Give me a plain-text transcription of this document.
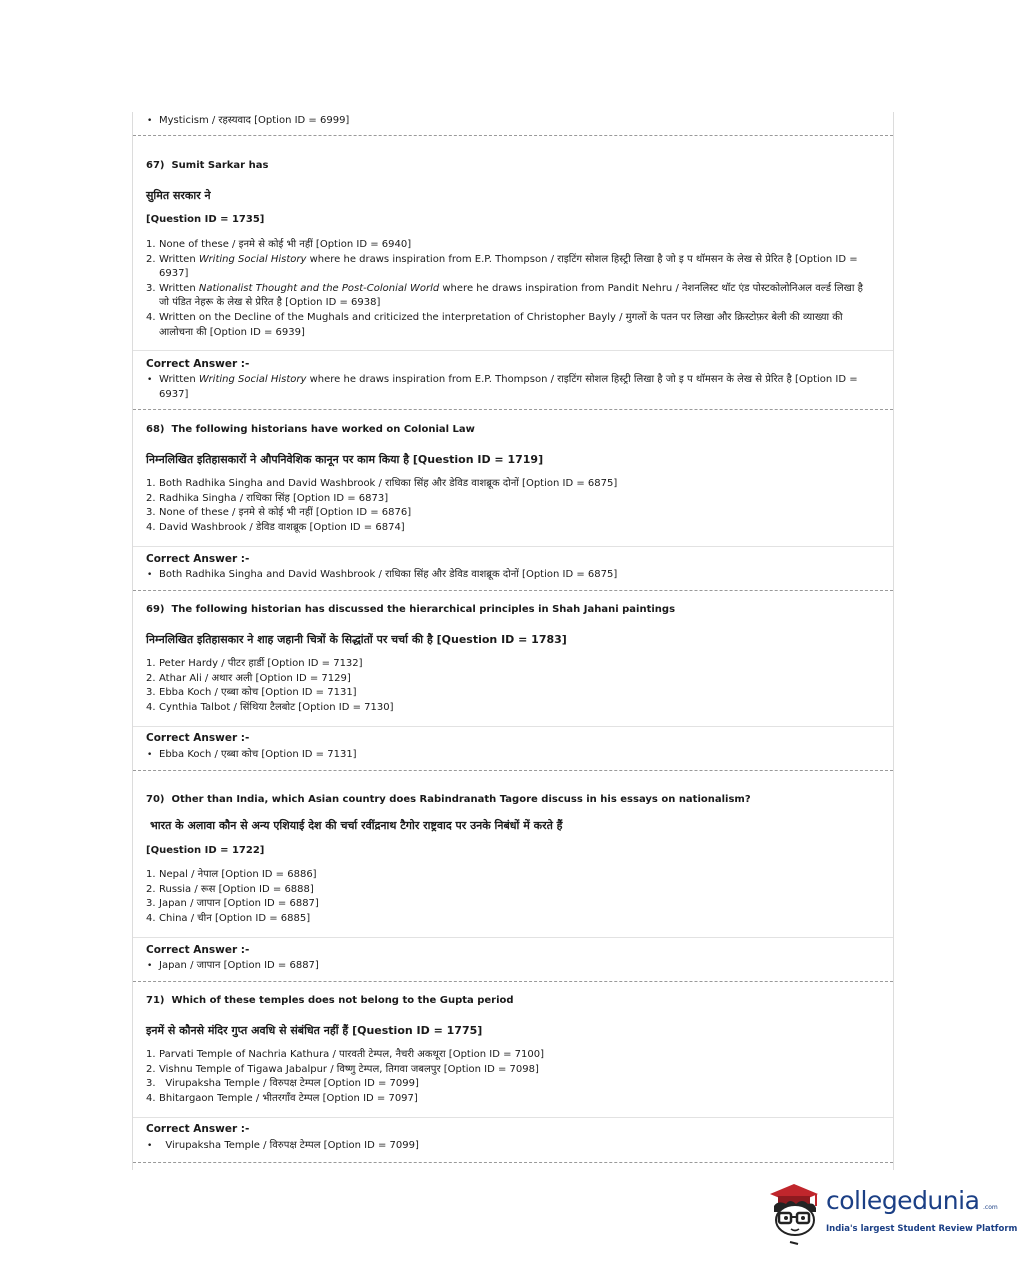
• Mysticism / रहस्यवाद [Option ID = 6999]
67) Sumit Sarkar has
सुमित सरकार ने
[Question ID = 1735]
1. None of these / इनमे से कोई भी नहीं [Option ID = 6940]
2. Written Writing Social History where he draws inspiration from E.P. Thompson / राइटिंग सोशल हिस्ट्री लिखा है जो इ प थॉमसन के लेख से प्रेरित है [Option ID = 6937]
3. Written Nationalist Thought and the Post-Colonial World where he draws inspiration from Pandit Nehru / नेशनलिस्ट थॉट एंड पोस्टकोलोनिअल वर्ल्ड लिखा है जो पंडित नेहरू के लेख से प्रेरित है [Option ID = 6938]
4. Written on the Decline of the Mughals and criticized the interpretation of Christopher Bayly / मुगलों के पतन पर लिखा और क्रिस्टोफ़र बेली की व्याख्या की आलोचना की [Option ID = 6939]
Correct Answer :-
• Written Writing Social History where he draws inspiration from E.P. Thompson / राइटिंग सोशल हिस्ट्री लिखा है जो इ प थॉमसन के लेख से प्रेरित है [Option ID = 6937]
68) The following historians have worked on Colonial Law
निम्नलिखित इतिहासकारों ने औपनिवेशिक कानून पर काम किया है [Question ID = 1719]
1. Both Radhika Singha and David Washbrook / राधिका सिंह और डेविड वाशब्रूक दोनों [Option ID = 6875]
2. Radhika Singha / राधिका सिंह [Option ID = 6873]
3. None of these / इनमे से कोई भी नहीं [Option ID = 6876]
4. David Washbrook / डेविड वाशब्रूक [Option ID = 6874]
Correct Answer :-
• Both Radhika Singha and David Washbrook / राधिका सिंह और डेविड वाशब्रूक दोनों [Option ID = 6875]
69) The following historian has discussed the hierarchical principles in Shah Jahani paintings
निम्नलिखित इतिहासकार ने शाह जहानी चित्रों के सिद्धांतों पर चर्चा की है [Question ID = 1783]
1. Peter Hardy / पीटर हार्डी [Option ID = 7132]
2. Athar Ali / अथार अली [Option ID = 7129]
3. Ebba Koch / एब्बा कोच [Option ID = 7131]
4. Cynthia Talbot / सिंथिया टैलबोट [Option ID = 7130]
Correct Answer :-
• Ebba Koch / एब्बा कोच [Option ID = 7131]
70) Other than India, which Asian country does Rabindranath Tagore discuss in his essays on nationalism?
भारत के अलावा कौन से अन्य एशियाई देश की चर्चा रवींद्रनाथ टैगोर राष्ट्रवाद पर उनके निबंधों में करते हैं
[Question ID = 1722]
1. Nepal / नेपाल [Option ID = 6886]
2. Russia / रूस [Option ID = 6888]
3. Japan / जापान [Option ID = 6887]
4. China / चीन [Option ID = 6885]
Correct Answer :-
• Japan / जापान [Option ID = 6887]
71) Which of these temples does not belong to the Gupta period
इनमें से कौनसे मंदिर गुप्त अवधि से संबंधित नहीं हैं [Question ID = 1775]
1. Parvati Temple of Nachria Kathura / पारवती टेम्पल, नैचरी अकथूरा [Option ID = 7100]
2. Vishnu Temple of Tigawa Jabalpur / विष्णु टेम्पल, तिगवा जबलपुर [Option ID = 7098]
3. Virupaksha Temple / विरुपक्ष टेम्पल [Option ID = 7099]
4. Bhitargaon Temple / भीतरगाँव टेम्पल [Option ID = 7097]
Correct Answer :-
• Virupaksha Temple / विरुपक्ष टेम्पल [Option ID = 7099]
collegedunia .com
India's largest Student Review Platform
